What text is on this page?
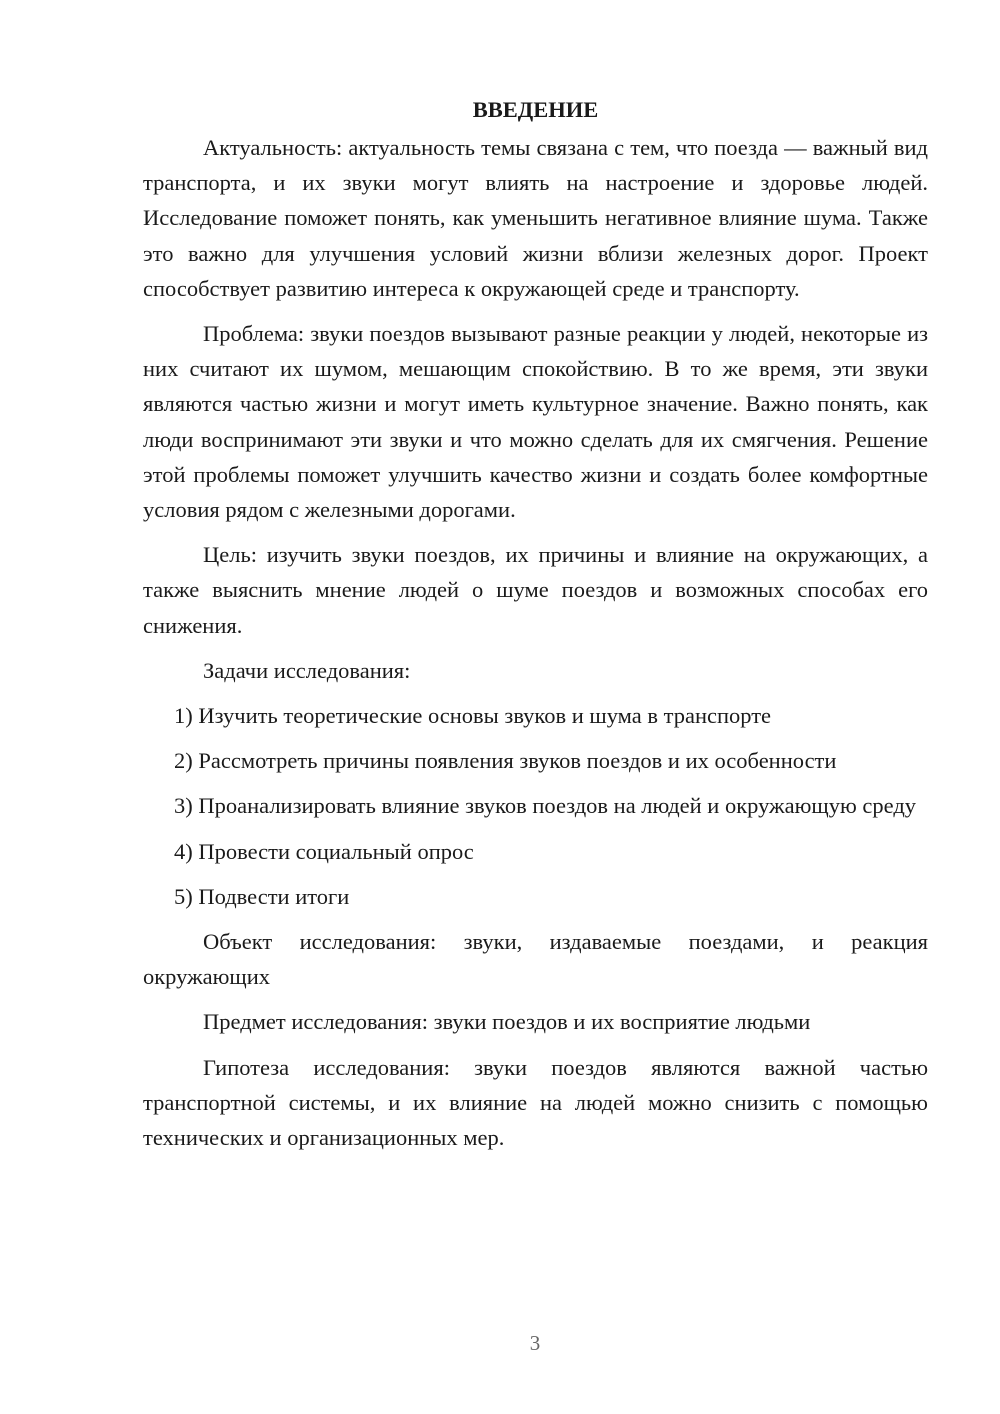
ВВЕДЕНИЕ

Актуальность: актуальность темы связана с тем, что поезда — важный вид транспорта, и их звуки могут влиять на настроение и здоровье людей. Исследование поможет понять, как уменьшить негативное влияние шума. Также это важно для улучшения условий жизни вблизи железных дорог. Проект способствует развитию интереса к окружающей среде и транспорту.

Проблема: звуки поездов вызывают разные реакции у людей, некоторые из них считают их шумом, мешающим спокойствию. В то же время, эти звуки являются частью жизни и могут иметь культурное значение. Важно понять, как люди воспринимают эти звуки и что можно сделать для их смягчения. Решение этой проблемы поможет улучшить качество жизни и создать более комфортные условия рядом с железными дорогами.

Цель: изучить звуки поездов, их причины и влияние на окружающих, а также выяснить мнение людей о шуме поездов и возможных способах его снижения.

Задачи исследования:

1) Изучить теоретические основы звуков и шума в транспорте

2) Рассмотреть причины появления звуков поездов и их особенности

3) Проанализировать влияние звуков поездов на людей и окружающую среду

4) Провести социальный опрос

5) Подвести итоги

Объект исследования: звуки, издаваемые поездами, и реакция окружающих

Предмет исследования: звуки поездов и их восприятие людьми

Гипотеза исследования: звуки поездов являются важной частью транспортной системы, и их влияние на людей можно снизить с помощью технических и организационных мер.

3
